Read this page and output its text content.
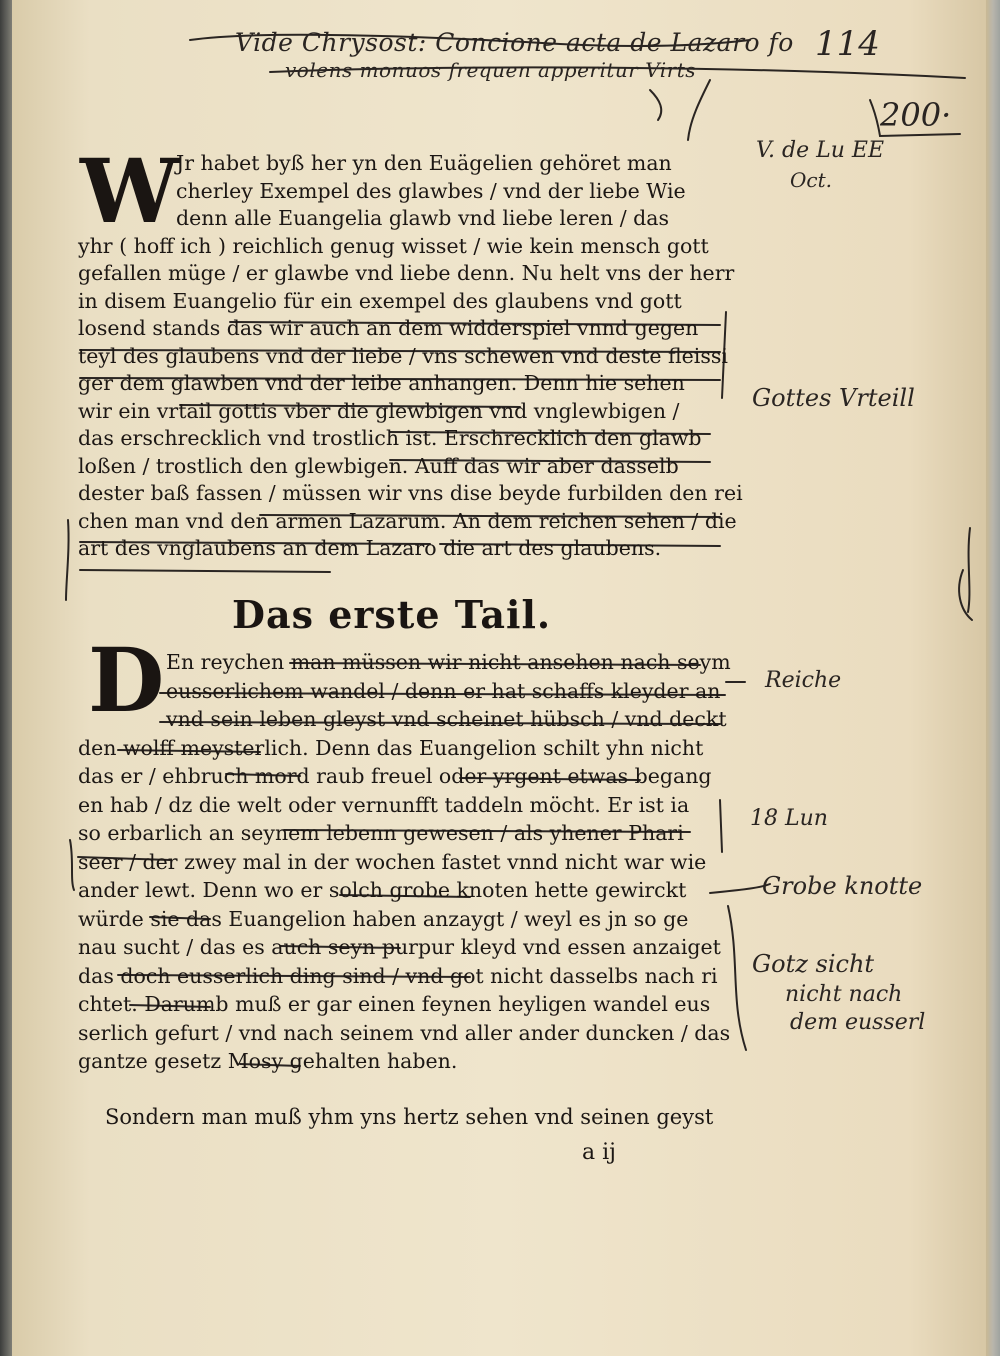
Vide Chrysost: Concione acta de Lazaro fo
volens monuos frequen apperitur Virts
114
200·
V. de Lu EE
Oct.
Gottes Vrteill
Reiche
18 Lun
Grobe knotte
Gotz sicht
nicht nach
dem eusserl
W
Jr habet byß her yn den Euägelien gehöret man
cherley Exempel des glawbes / vnd der liebe Wie
denn alle Euangelia glawb vnd liebe leren / das
yhr ( hoff ich ) reichlich genug wisset / wie kein mensch gott
gefallen müge / er glawbe vnd liebe denn. Nu helt vns der herr
in disem Euangelio für ein exempel des glaubens vnd gott
losend stands das wir auch an dem widderspiel vnnd gegen
teyl des glaubens vnd der liebe / vns schewen vnd deste fleissi
ger dem glawben vnd der leibe anhangen. Denn hie sehen
wir ein vrtail gottis vber die glewbigen vnd vnglewbigen /
das erschrecklich vnd trostlich ist. Erschrecklich den glawb
loßen / trostlich den glewbigen. Auff das wir aber dasselb
dester baß fassen / müssen wir vns dise beyde furbilden den rei
chen man vnd den armen Lazarum. An dem reichen sehen / die
art des vnglaubens an dem Lazaro die art des glaubens.
Das erste Tail.
D En reychen man müssen wir nicht ansehen nach seym
eusserlichem wandel / denn er hat schaffs kleyder an
vnd sein leben gleyst vnd scheinet hübsch / vnd deckt
den wolff meysterlich. Denn das Euangelion schilt yhn nicht
das er / ehbruch mord raub freuel oder yrgent etwas begang
en hab / dz die welt oder vernunfft taddeln möcht. Er ist ia
so erbarlich an seynem lebenn gewesen / als yhener Phari
seer / der zwey mal in der wochen fastet vnnd nicht war wie
ander lewt. Denn wo er solch grobe knoten hette gewirckt
würde sie das Euangelion haben anzaygt / weyl es jn so ge
nau sucht / das es auch seyn purpur kleyd vnd essen anzaiget
das doch eusserlich ding sind / vnd got nicht dasselbs nach ri
chtet. Darumb muß er gar einen feynen heyligen wandel eus
serlich gefurt / vnd nach seinem vnd aller ander duncken / das
gantze gesetz Mosy gehalten haben.
Sondern man muß yhm yns hertz sehen vnd seinen geyst
a ij
